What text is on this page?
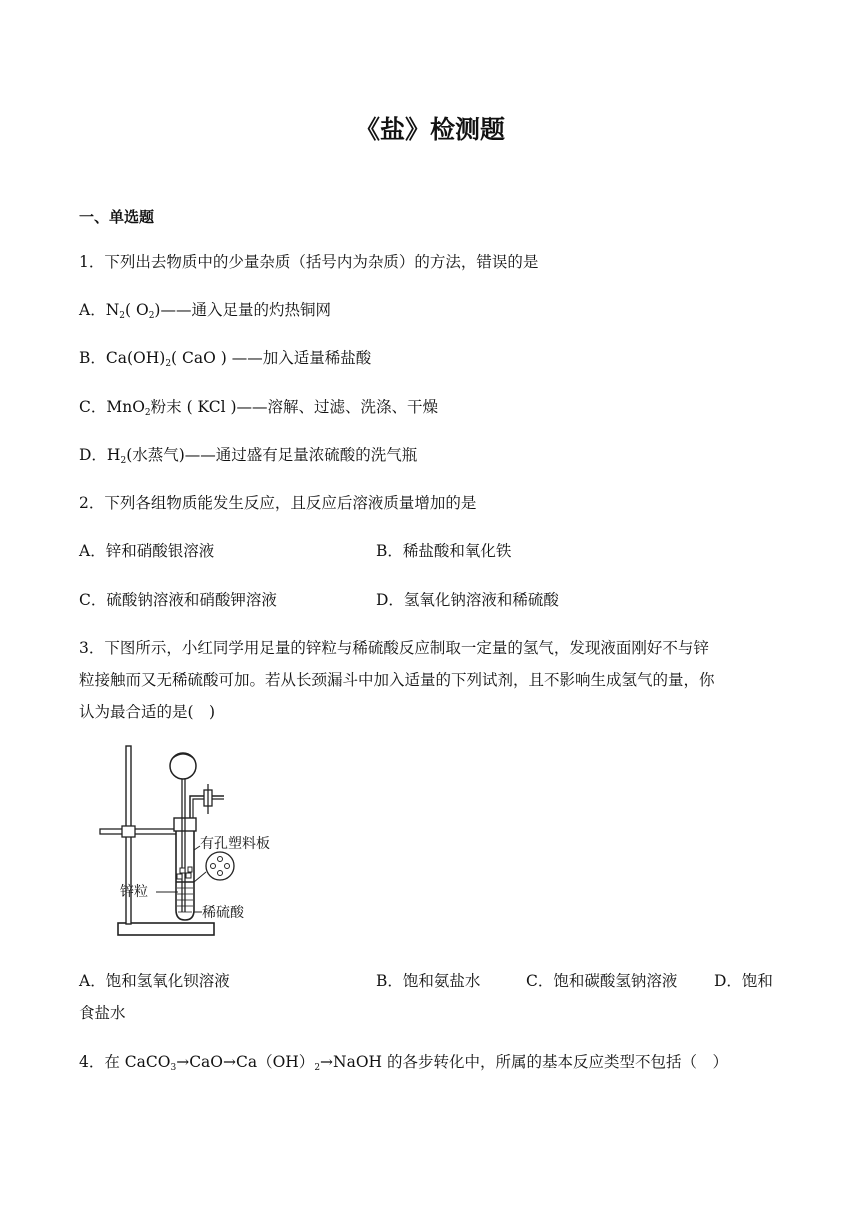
《盐》检测题
一、单选题
1．下列出去物质中的少量杂质（括号内为杂质）的方法，错误的是
A．$N_2$( $O_2)——$通入足量的灼热铜网
B．$Ca(OH)_2$( CaO ) ——加入适量稀盐酸
C．MnO$_2$粉末 ( KCl )——溶解、过滤、洗涤、干燥
D．$H_2$(水蒸气)——通过盛有足量浓硫酸的洗气瓶
2．下列各组物质能发生反应，且反应后溶液质量增加的是
A．锌和硝酸银溶液	B．稀盐酸和氧化铁
C．硫酸钠溶液和硝酸钾溶液	D．氢氧化钠溶液和稀硫酸
3．下图所示，小红同学用足量的锌粒与稀硫酸反应制取一定量的氢气，发现液面刚好不与锌
粒接触而又无稀硫酸可加。若从长颈漏斗中加入适量的下列试剂，且不影响生成氢气的量，你
认为最合适的是(　)
有孔塑料板
锌粒
稀硫酸
A．饱和氢氧化钡溶液	B．饱和氨盐水	C．饱和碳酸氢钠溶液 D．饱和
食盐水
4．在 $CaCO_3\to CaO\to Ca(OH)_2\to NaOH$ 的各步转化中，所属的基本反应类型不包括（　）
